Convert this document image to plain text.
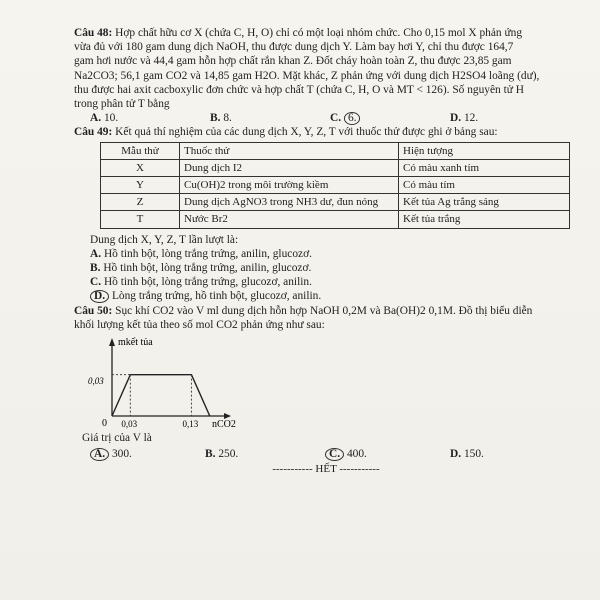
Câu 48: Hợp chất hữu cơ X (chứa C, H, O) chỉ có một loại nhóm chức. Cho 0,15 mol X phản ứng

vừa đủ với 180 gam dung dịch NaOH, thu được dung dịch Y. Làm bay hơi Y, chỉ thu được 164,7

gam hơi nước và 44,4 gam hỗn hợp chất rắn khan Z. Đốt cháy hoàn toàn Z, thu được 23,85 gam

Na2CO3; 56,1 gam CO2 và 14,85 gam H2O. Mặt khác, Z phản ứng với dung dịch H2SO4 loãng (dư),

thu được hai axit cacboxylic đơn chức và hợp chất T (chứa C, H, O và MT < 126). Số nguyên tử H

trong phân tử T bằng

A. 10.	B. 8.	C. 6.	D. 12.

Câu 49: Kết quả thí nghiệm của các dung dịch X, Y, Z, T với thuốc thử được ghi ở bảng sau:

Mẫu thử	Thuốc thử	Hiện tượng
X	Dung dịch I2	Có màu xanh tím
Y	Cu(OH)2 trong môi trường kiềm	Có màu tím
Z	Dung dịch AgNO3 trong NH3 dư, đun nóng	Kết tủa Ag trắng sáng
T	Nước Br2	Kết tủa trắng

Dung dịch X, Y, Z, T lần lượt là:

A. Hồ tinh bột, lòng trắng trứng, anilin, glucozơ.

B. Hồ tinh bột, lòng trắng trứng, anilin, glucozơ.

C. Hồ tinh bột, lòng trắng trứng, glucozơ, anilin.

D. Lòng trắng trứng, hồ tinh bột, glucozơ, anilin.

Câu 50: Sục khí CO2 vào V ml dung dịch hỗn hợp NaOH 0,2M và Ba(OH)2 0,1M. Đồ thị biểu diễn

khối lượng kết tủa theo số mol CO2 phản ứng như sau:

mkết tủa
nCO2
0
0,03
0,03	0,13

Giá trị của V là

A. 300.	B. 250.	C. 400.	D. 150.

----------- HẾT -----------
